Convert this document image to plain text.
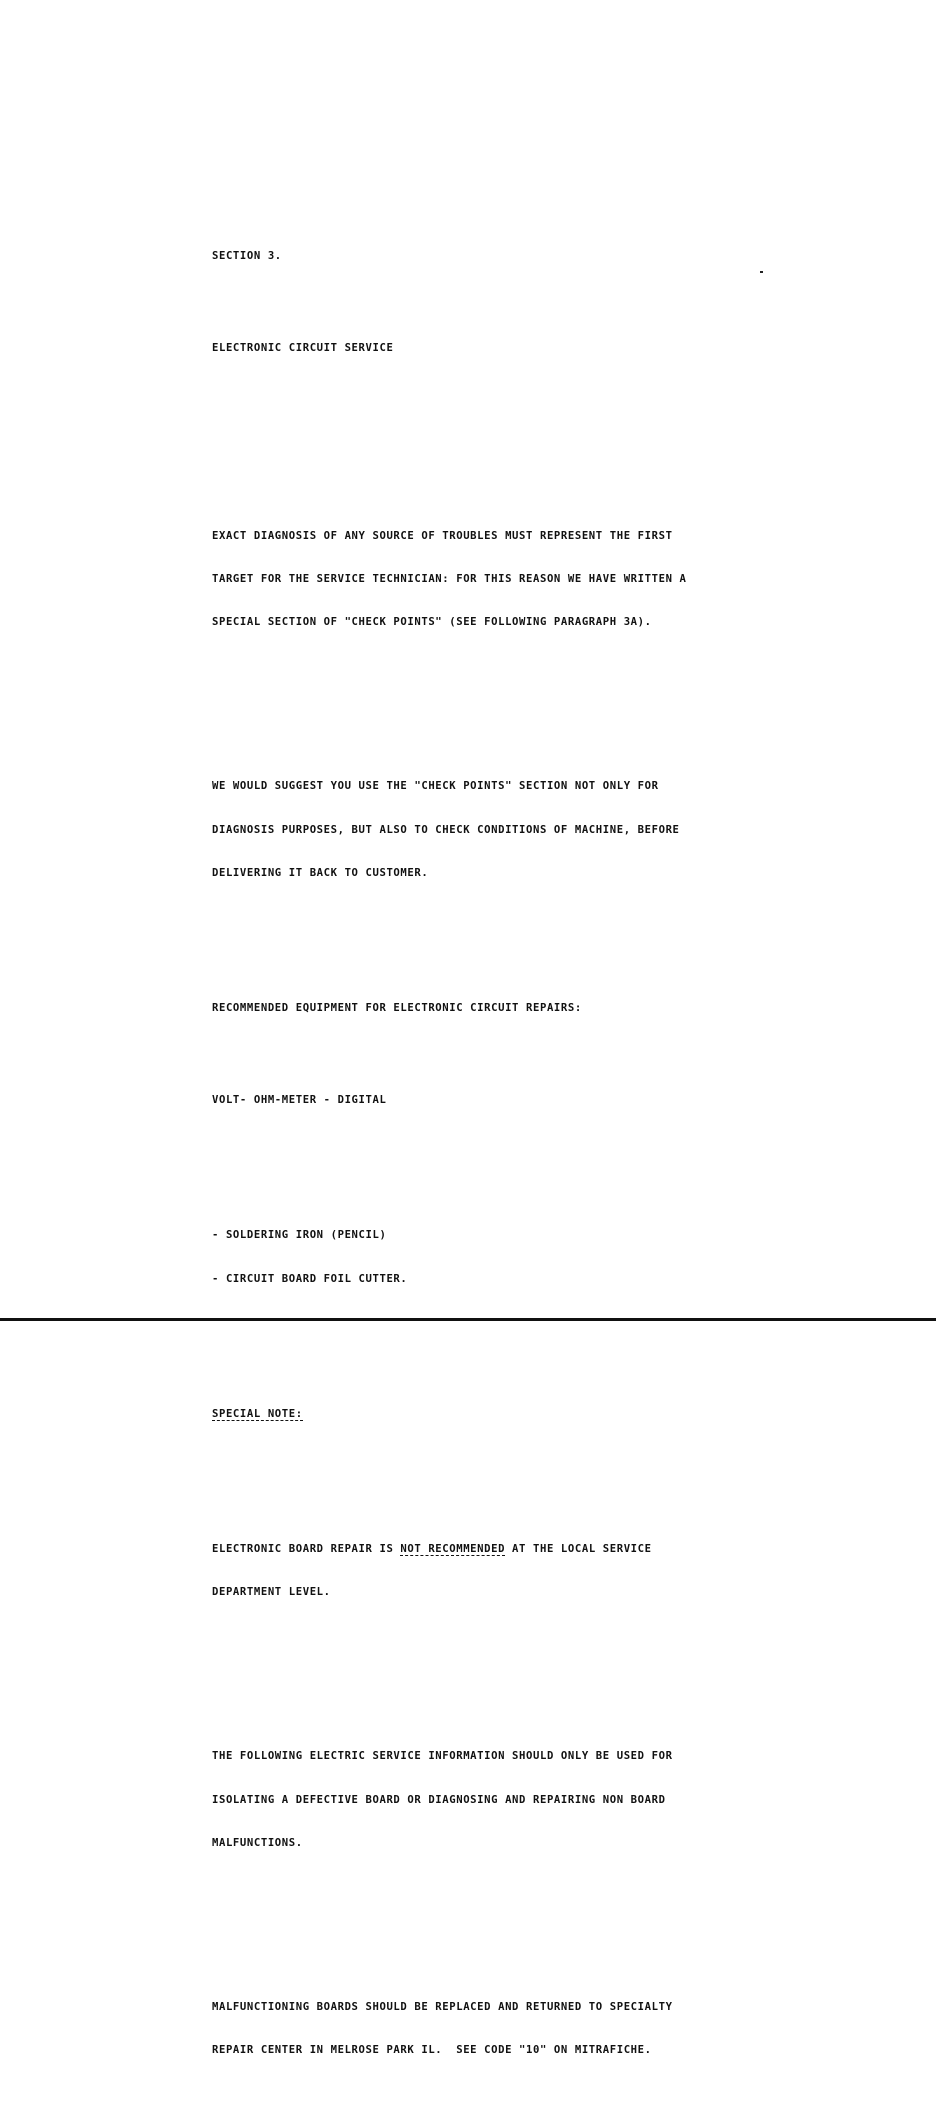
SECTION 3.

ELECTRONIC CIRCUIT SERVICE

EXACT DIAGNOSIS OF ANY SOURCE OF TROUBLES MUST REPRESENT THE FIRST

TARGET FOR THE SERVICE TECHNICIAN: FOR THIS REASON WE HAVE WRITTEN A

SPECIAL SECTION OF "CHECK POINTS" (SEE FOLLOWING PARAGRAPH 3A).

WE WOULD SUGGEST YOU USE THE "CHECK POINTS" SECTION NOT ONLY FOR

DIAGNOSIS PURPOSES, BUT ALSO TO CHECK CONDITIONS OF MACHINE, BEFORE

DELIVERING IT BACK TO CUSTOMER.

RECOMMENDED EQUIPMENT FOR ELECTRONIC CIRCUIT REPAIRS:

VOLT- OHM-METER - DIGITAL

- SOLDERING IRON (PENCIL)

- CIRCUIT BOARD FOIL CUTTER.

SPECIAL NOTE:

ELECTRONIC BOARD REPAIR IS NOT RECOMMENDED AT THE LOCAL SERVICE

DEPARTMENT LEVEL.

THE FOLLOWING ELECTRIC SERVICE INFORMATION SHOULD ONLY BE USED FOR

ISOLATING A DEFECTIVE BOARD OR DIAGNOSING AND REPAIRING NON BOARD

MALFUNCTIONS.

MALFUNCTIONING BOARDS SHOULD BE REPLACED AND RETURNED TO SPECIALTY

REPAIR CENTER IN MELROSE PARK IL.  SEE CODE "10" ON MITRAFICHE.
